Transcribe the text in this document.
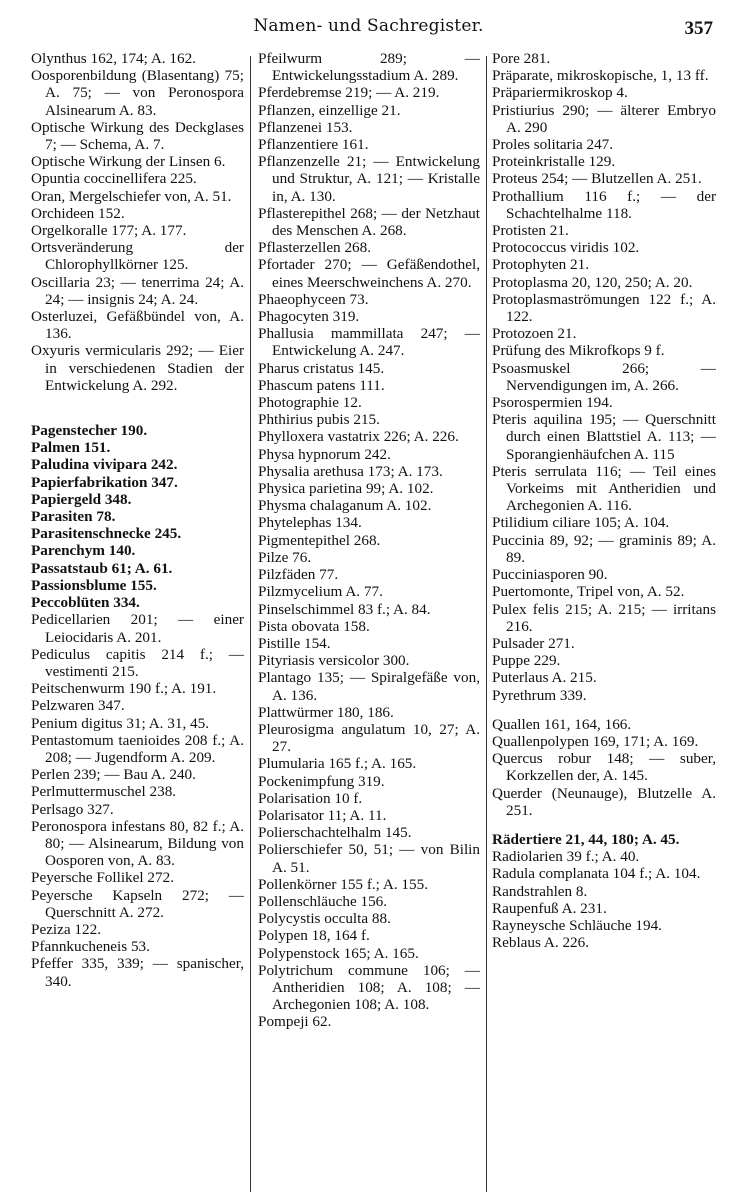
Namen- und Sachregister.	357

Olynthus 162, 174; A. 162.

Oosporenbildung (Blasentang) 75; A. 75; — von Peronospora Alsinearum A. 83.

Optische Wirkung des Deckglases 7; — Schema, A. 7.

Optische Wirkung der Linsen 6.

Opuntia coccinellifera 225.

Oran, Mergelschiefer von, A. 51.

Orchideen 152.

Orgelkoralle 177; A. 177.

Ortsveränderung der Chlorophyllkörner 125.

Oscillaria 23; — tenerrima 24; A. 24; — insignis 24; A. 24.

Osterluzei, Gefäßbündel von, A. 136.

Oxyuris vermicularis 292; — Eier in verschiedenen Stadien der Entwickelung A. 292.

Pagenstecher 190.

Palmen 151.

Paludina vivipara 242.

Papierfabrikation 347.

Papiergeld 348.

Parasiten 78.

Parasitenschnecke 245.

Parenchym 140.

Passatstaub 61; A. 61.

Passionsblume 155.

Peccoblüten 334.

Pedicellarien 201; — einer Leiocidaris A. 201.

Pediculus capitis 214 f.; — vestimenti 215.

Peitschenwurm 190 f.; A. 191.

Pelzwaren 347.

Penium digitus 31; A. 31, 45.

Pentastomum taenioides 208 f.; A. 208; — Jugendform A. 209.

Perlen 239; — Bau A. 240.

Perlmuttermuschel 238.

Perlsago 327.

Peronospora infestans 80, 82 f.; A. 80; — Alsinearum, Bildung von Oosporen von, A. 83.

Peyersche Follikel 272.

Peyersche Kapseln 272; — Querschnitt A. 272.

Peziza 122.

Pfannkucheneis 53.

Pfeffer 335, 339; — spanischer, 340.

Pfeilwurm 289; — Entwickelungsstadium A. 289.

Pferdebremse 219; — A. 219.

Pflanzen, einzellige 21.

Pflanzenei 153.

Pflanzentiere 161.

Pflanzenzelle 21; — Entwickelung und Struktur, A. 121; — Kristalle in, A. 130.

Pflasterepithel 268; — der Netzhaut des Menschen A. 268.

Pflasterzellen 268.

Pfortader 270; — Gefäßendothel, eines Meerschweinchens A. 270.

Phaeophyceen 73.

Phagocyten 319.

Phallusia mammillata 247; — Entwickelung A. 247.

Pharus cristatus 145.

Phascum patens 111.

Photographie 12.

Phthirius pubis 215.

Phylloxera vastatrix 226; A. 226.

Physa hypnorum 242.

Physalia arethusa 173; A. 173.

Physica parietina 99; A. 102.

Physma chalaganum A. 102.

Phytelephas 134.

Pigmentepithel 268.

Pilze 76.

Pilzfäden 77.

Pilzmycelium A. 77.

Pinselschimmel 83 f.; A. 84.

Pista obovata 158.

Pistille 154.

Pityriasis versicolor 300.

Plantago 135; — Spiralgefäße von, A. 136.

Plattwürmer 180, 186.

Pleurosigma angulatum 10, 27; A. 27.

Plumularia 165 f.; A. 165.

Pockenimpfung 319.

Polarisation 10 f.

Polarisator 11; A. 11.

Polierschachtelhalm 145.

Polierschiefer 50, 51; — von Bilin A. 51.

Pollenkörner 155 f.; A. 155.

Pollenschläuche 156.

Polycystis occulta 88.

Polypen 18, 164 f.

Polypenstock 165; A. 165.

Polytrichum commune 106; — Antheridien 108; A. 108; — Archegonien 108; A. 108.

Pompeji 62.

Pore 281.

Präparate, mikroskopische, 1, 13 ff.

Präpariermikroskop 4.

Pristiurius 290; — älterer Embryo A. 290

Proles solitaria 247.

Proteinkristalle 129.

Proteus 254; — Blutzellen A. 251.

Prothallium 116 f.; — der Schachtelhalme 118.

Protisten 21.

Protococcus viridis 102.

Protophyten 21.

Protoplasma 20, 120, 250; A. 20.

Protoplasmaströmungen 122 f.; A. 122.

Protozoen 21.

Prüfung des Mikrofkops 9 f.

Psoasmuskel 266; — Nervendigungen im, A. 266.

Psorospermien 194.

Pteris aquilina 195; — Querschnitt durch einen Blattstiel A. 113; — Sporangienhäufchen A. 115

Pteris serrulata 116; — Teil eines Vorkeims mit Antheridien und Archegonien A. 116.

Ptilidium ciliare 105; A. 104.

Puccinia 89, 92; — graminis 89; A. 89.

Pucciniasporen 90.

Puertomonte, Tripel von, A. 52.

Pulex felis 215; A. 215; — irritans 216.

Pulsader 271.

Puppe 229.

Puterlaus A. 215.

Pyrethrum 339.

Quallen 161, 164, 166.

Quallenpolypen 169, 171; A. 169.

Quercus robur 148; — suber, Korkzellen der, A. 145.

Querder (Neunauge), Blutzelle A. 251.

Rädertiere 21, 44, 180; A. 45.

Radiolarien 39 f.; A. 40.

Radula complanata 104 f.; A. 104.

Randstrahlen 8.

Raupenfuß A. 231.

Rayneysche Schläuche 194.

Reblaus A. 226.
